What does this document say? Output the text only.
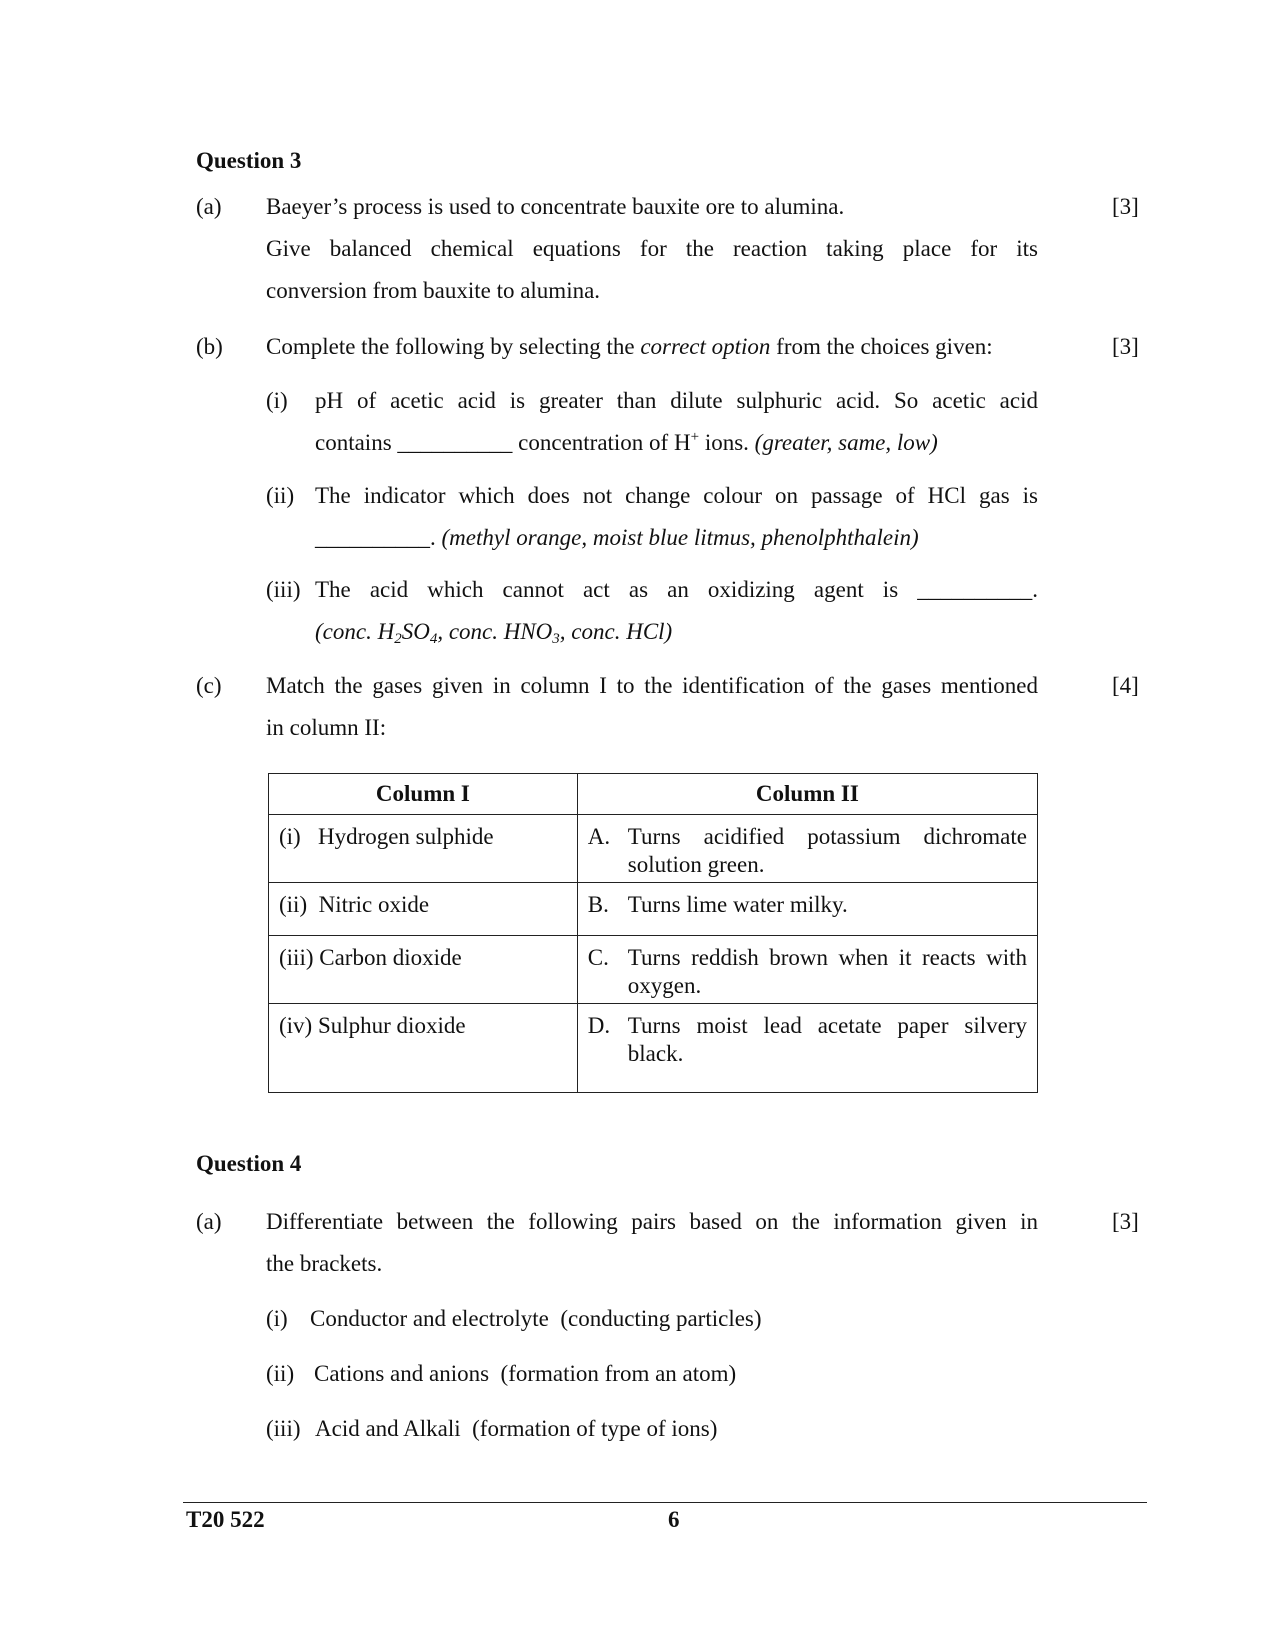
Question 3
(a)	[3]
Baeyer’s process is used to concentrate bauxite ore to alumina.
Give balanced chemical equations for the reaction taking place for its
conversion from bauxite to alumina.
(b)	[3]
Complete the following by selecting the correct option from the choices given:
(i) pH of acetic acid is greater than dilute sulphuric acid. So acetic acid
contains __________ concentration of H+ ions. (greater, same, low)
(ii) The indicator which does not change colour on passage of HCl gas is
__________. (methyl orange, moist blue litmus, phenolphthalein)
(iii) The acid which cannot act as an oxidizing agent is __________.
(conc. $H_2SO_4$, conc. $HNO_3$, conc. HCl)
(c)	[4]
Match the gases given in column I to the identification of the gases mentioned
in column II:
Column I	Column II

(i)   Hydrogen sulphide	A. Turns acidified potassium dichromate solution green.

(ii)  Nitric oxide	B. Turns lime water milky.

(iii) Carbon dioxide	C. Turns reddish brown when it reacts with oxygen.

(iv) Sulphur dioxide	D. Turns moist lead acetate paper silvery black.
Question 4
(a)	[3]
Differentiate between the following pairs based on the information given in
the brackets.
(i) Conductor and electrolyte  (conducting particles)
(ii) Cations and anions  (formation from an atom)
(iii) Acid and Alkali  (formation of type of ions)
T20 522	6
